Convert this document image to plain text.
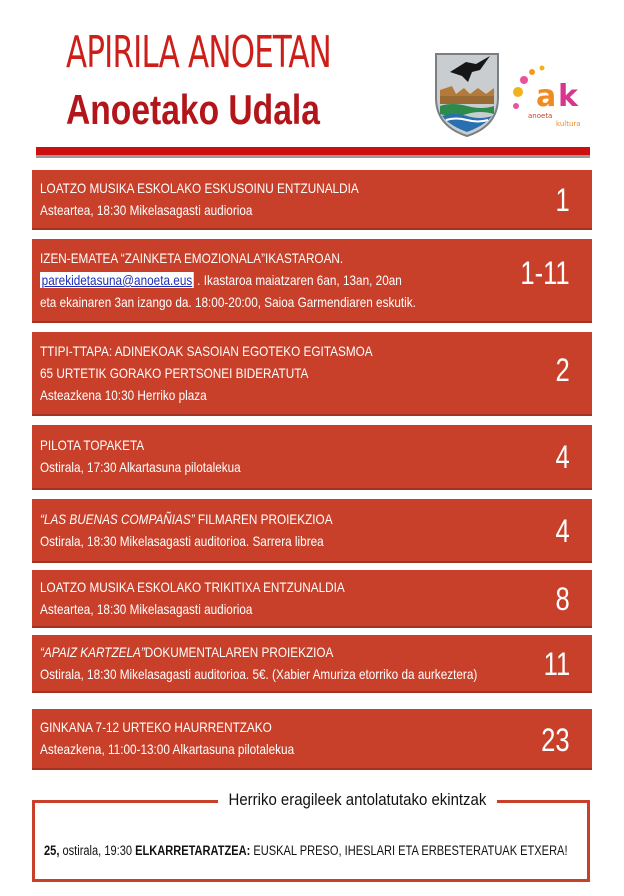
APIRILA ANOETAN
Anoetako Udala	a k
anoeta
kultura
LOATZO MUSIKA ESKOLAKO ESKUSOINU ENTZUNALDIA
Asteartea, 18:30 Mikelasagasti audiorioa	1
IZEN-EMATEA “ZAINKETA EMOZIONALA”IKASTAROAN.
parekidetasuna@anoeta.eus . Ikastaroa maiatzaren 6an, 13an, 20an
eta ekainaren 3an izango da. 18:00-20:00, Saioa Garmendiaren eskutik.
1-11
TTIPI-TTAPA: ADINEKOAK SASOIAN EGOTEKO EGITASMOA
65 URTETIK GORAKO PERTSONEI BIDERATUTA
Asteazkena 10:30 Herriko plaza
2
PILOTA TOPAKETA
Ostirala, 17:30 Alkartasuna pilotalekua	4
“LAS BUENAS COMPAÑIAS” FILMAREN PROIEKZIOA
Ostirala, 18:30 Mikelasagasti auditorioa. Sarrera librea	4
LOATZO MUSIKA ESKOLAKO TRIKITIXA ENTZUNALDIA
Asteartea, 18:30 Mikelasagasti audiorioa	8
“APAIZ KARTZELA”DOKUMENTALAREN PROIEKZIOA
Ostirala, 18:30 Mikelasagasti auditorioa. 5€. (Xabier Amuriza etorriko da aurkeztera) 11
GINKANA 7-12 URTEKO HAURRENTZAKO
Asteazkena, 11:00-13:00 Alkartasuna pilotalekua	23
Herriko eragileek antolatutako ekintzak
25, ostirala, 19:30 ELKARRETARATZEA: EUSKAL PRESO, IHESLARI ETA ERBESTERATUAK ETXERA!
